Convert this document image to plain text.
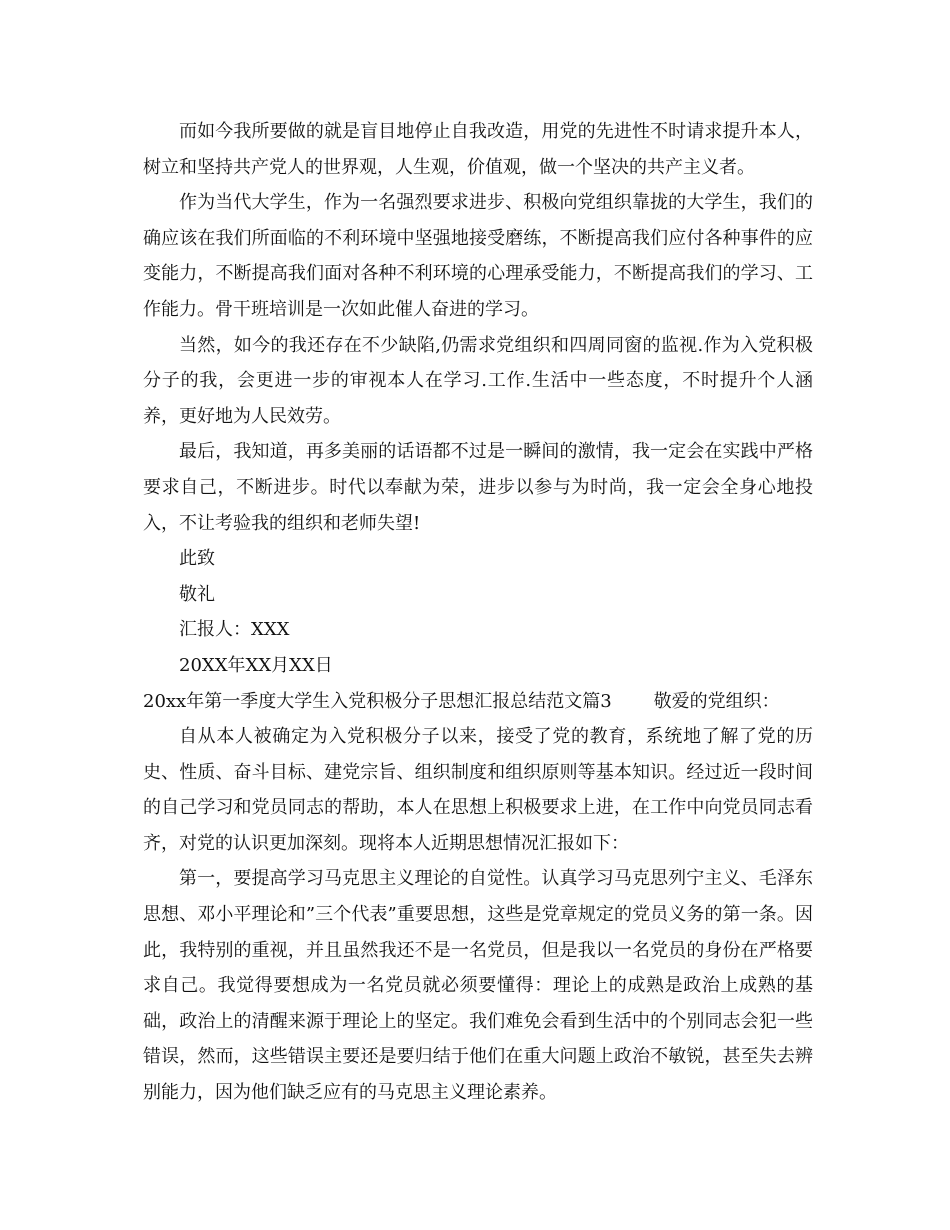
而如今我所要做的就是盲目地停止自我改造，用党的先进性不时请求提升本人，树立和坚持共产党人的世界观，人生观，价值观，做一个坚决的共产主义者。

作为当代大学生，作为一名强烈要求进步、积极向党组织靠拢的大学生，我们的确应该在我们所面临的不利环境中坚强地接受磨练，不断提高我们应付各种事件的应变能力，不断提高我们面对各种不利环境的心理承受能力，不断提高我们的学习、工作能力。骨干班培训是一次如此催人奋进的学习。

当然，如今的我还存在不少缺陷,仍需求党组织和四周同窗的监视.作为入党积极分子的我，会更进一步的审视本人在学习.工作.生活中一些态度，不时提升个人涵养，更好地为人民效劳。

最后，我知道，再多美丽的话语都不过是一瞬间的激情，我一定会在实践中严格要求自己，不断进步。时代以奉献为荣，进步以参与为时尚，我一定会全身心地投入，不让考验我的组织和老师失望!

此致

敬礼

汇报人：XXX

20XX年XX月XX日

20xx年第一季度大学生入党积极分子思想汇报总结范文篇3 敬爱的党组织：

自从本人被确定为入党积极分子以来，接受了党的教育，系统地了解了党的历史、性质、奋斗目标、建党宗旨、组织制度和组织原则等基本知识。经过近一段时间的自己学习和党员同志的帮助，本人在思想上积极要求上进，在工作中向党员同志看齐，对党的认识更加深刻。现将本人近期思想情况汇报如下：

第一，要提高学习马克思主义理论的自觉性。认真学习马克思列宁主义、毛泽东思想、邓小平理论和”三个代表”重要思想，这些是党章规定的党员义务的第一条。因此，我特别的重视，并且虽然我还不是一名党员，但是我以一名党员的身份在严格要求自己。我觉得要想成为一名党员就必须要懂得：理论上的成熟是政治上成熟的基础，政治上的清醒来源于理论上的坚定。我们难免会看到生活中的个别同志会犯一些错误，然而，这些错误主要还是要归结于他们在重大问题上政治不敏锐，甚至失去辨别能力，因为他们缺乏应有的马克思主义理论素养。
